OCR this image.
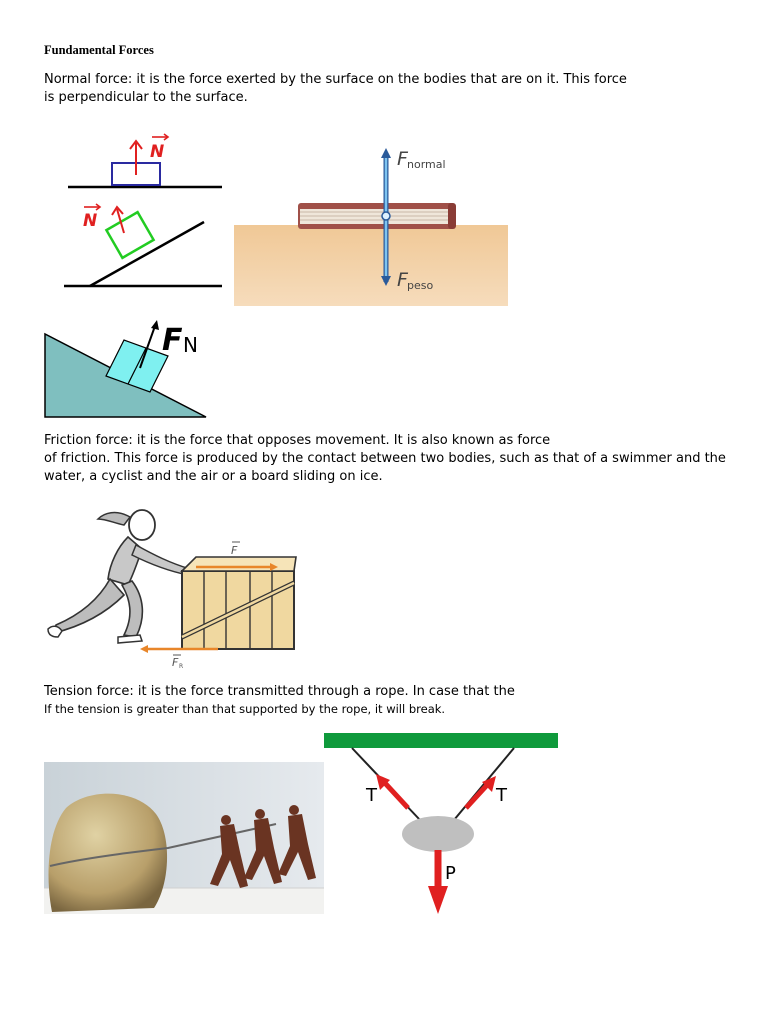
Fundamental Forces
Normal force: it is the force exerted by the surface on the bodies that are on it. This force
is perpendicular to the surface.
N
N
F normal
F peso
F N
Friction force: it is the force that opposes movement. It is also known as force
of friction. This force is produced by the contact between two bodies, such as that of a swimmer and the
water, a cyclist and the air or a board sliding on ice.
F
F R
Tension force: it is the force transmitted through a rope. In case that the
If the tension is greater than that supported by the rope, it will break.
T	T
P
